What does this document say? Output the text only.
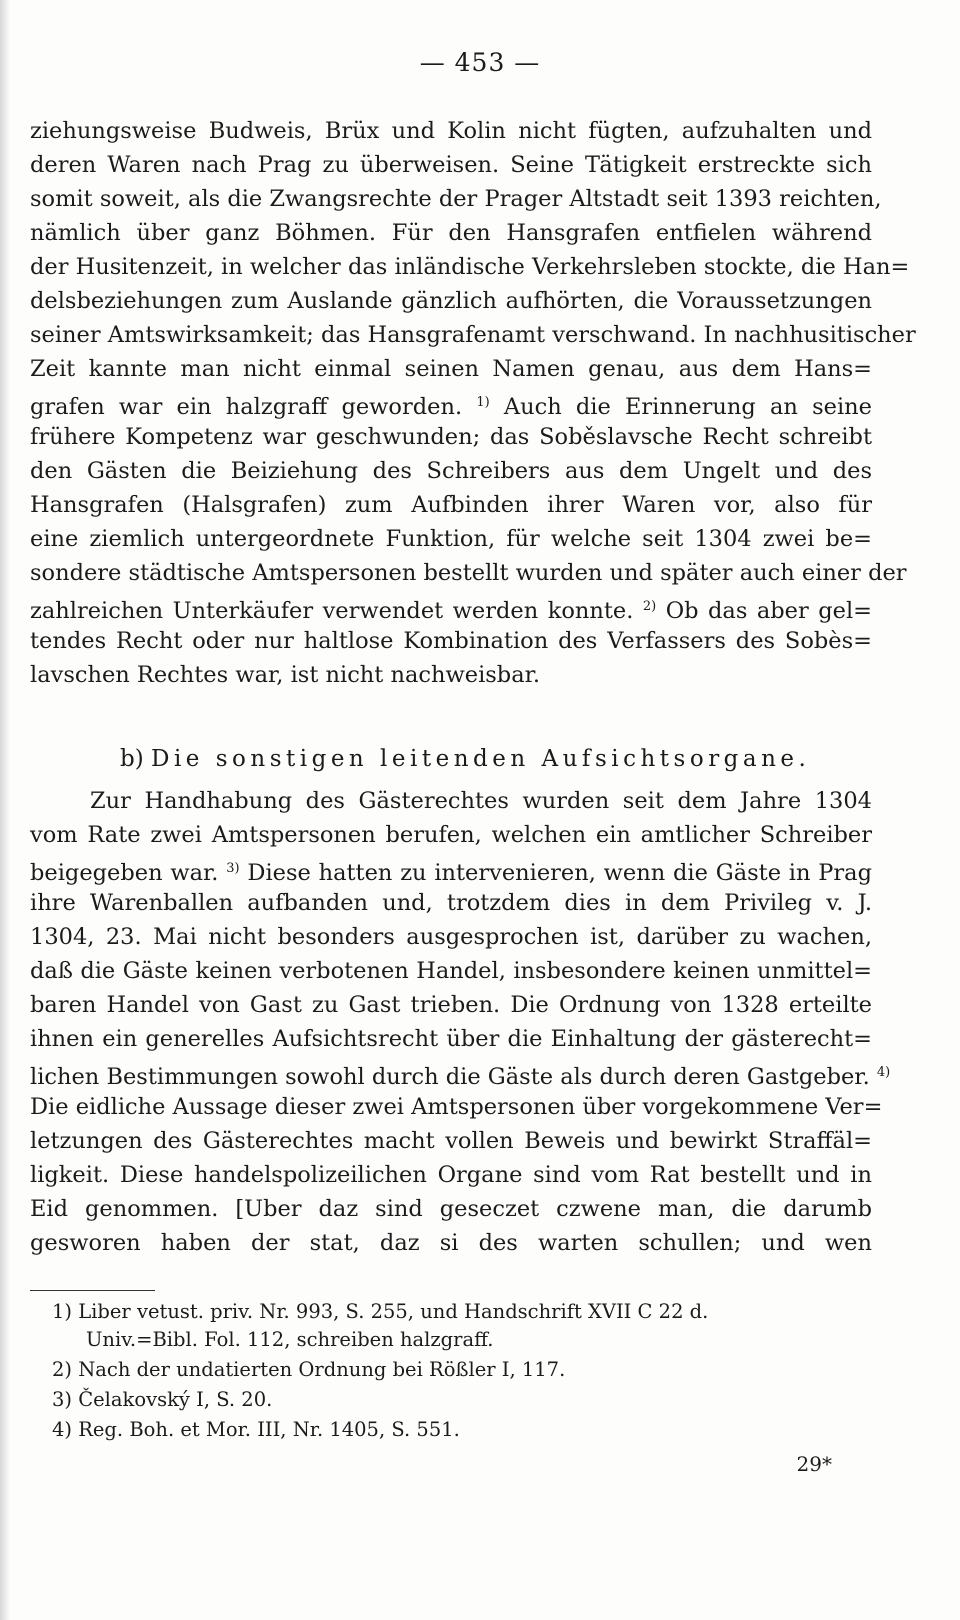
— 453 —
ziehungsweise Budweis, Brüx und Kolin nicht fügten, aufzuhalten und
deren Waren nach Prag zu überweisen. Seine Tätigkeit erstreckte sich
somit soweit, als die Zwangsrechte der Prager Altstadt seit 1393 reichten,
nämlich über ganz Böhmen. Für den Hansgrafen entfielen während
der Husitenzeit, in welcher das inländische Verkehrsleben stockte, die Han=
delsbeziehungen zum Auslande gänzlich aufhörten, die Voraussetzungen
seiner Amtswirksamkeit; das Hansgrafenamt verschwand. In nachhusitischer
Zeit kannte man nicht einmal seinen Namen genau, aus dem Hans=
grafen war ein halzgraff geworden. $^{1)}$ Auch die Erinnerung an seine
frühere Kompetenz war geschwunden; das Soběslavsche Recht schreibt
den Gästen die Beiziehung des Schreibers aus dem Ungelt und des
Hansgrafen (Halsgrafen) zum Aufbinden ihrer Waren vor, also für
eine ziemlich untergeordnete Funktion, für welche seit 1304 zwei be=
sondere städtische Amtspersonen bestellt wurden und später auch einer der
zahlreichen Unterkäufer verwendet werden konnte. $^{2)}$ Ob das aber gel=
tendes Recht oder nur haltlose Kombination des Verfassers des Sobès=
lavschen Rechtes war, ist nicht nachweisbar.
b) Die sonstigen leitenden Aufsichtsorgane.
Zur Handhabung des Gästerechtes wurden seit dem Jahre 1304
vom Rate zwei Amtspersonen berufen, welchen ein amtlicher Schreiber
beigegeben war. $^{3)}$ Diese hatten zu intervenieren, wenn die Gäste in Prag
ihre Warenballen aufbanden und, trotzdem dies in dem Privileg v. J.
1304, 23. Mai nicht besonders ausgesprochen ist, darüber zu wachen,
daß die Gäste keinen verbotenen Handel, insbesondere keinen unmittel=
baren Handel von Gast zu Gast trieben. Die Ordnung von 1328 erteilte
ihnen ein generelles Aufsichtsrecht über die Einhaltung der gästerecht=
lichen Bestimmungen sowohl durch die Gäste als durch deren Gastgeber. $^{4)}$
Die eidliche Aussage dieser zwei Amtspersonen über vorgekommene Ver=
letzungen des Gästerechtes macht vollen Beweis und bewirkt Straffäl=
ligkeit. Diese handelspolizeilichen Organe sind vom Rat bestellt und in
Eid genommen. [Uber daz sind geseczet czwene man, die darumb
gesworen haben der stat, daz si des warten schullen; und wen
1) Liber vetust. priv. Nr. 993, S. 255, und Handschrift XVII C 22 d.
Univ.=Bibl. Fol. 112, schreiben halzgraff.
2) Nach der undatierten Ordnung bei Rößler I, 117.
3) Čelakovský I, S. 20.
4) Reg. Boh. et Mor. III, Nr. 1405, S. 551.
29*
